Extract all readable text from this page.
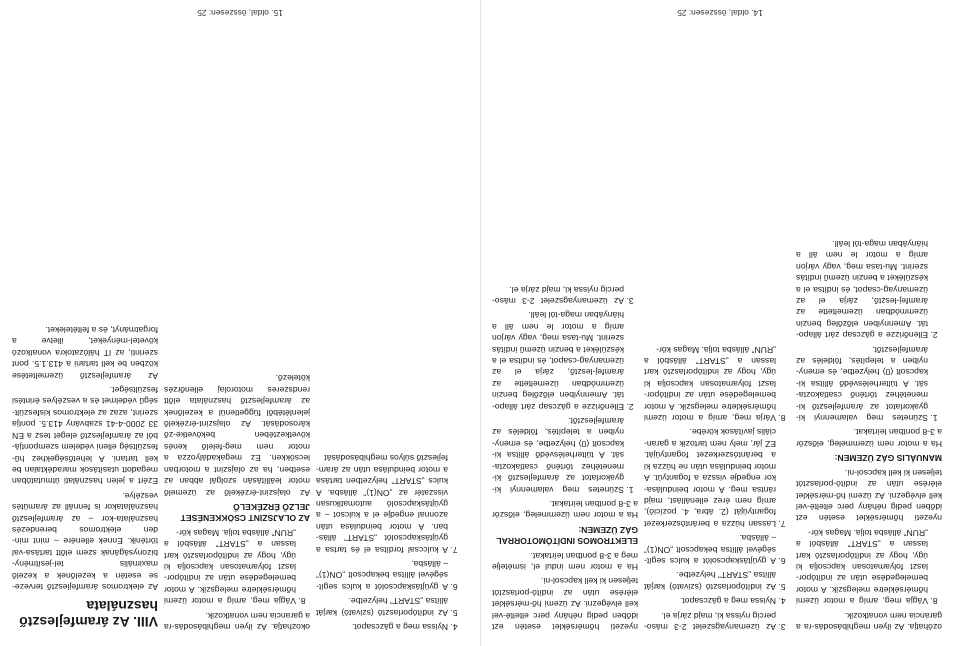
ozóhatja. Az ilyen meghibásodás-ra a garancia nem vonatkozik.

8. Vágja meg, amíg a motor üzemi hőmérsékletre melegszik. A motor bemelegedése után az indítópor-laszt folyamatosan kapcsolja ki úgy, hogy az indítóporlasztó kart lassan a „START” állásból a „RUN” állásba tolja. Magas kör-

nyezeti hőmérséklet esetén ezt időben pedig néhány perc eltelté-vel kell elvégezni. Az üzemi hő-mérséklet elérése után az indító-porlasztót teljesen ki kell kapcsol-ni.

MANUÁLIS GÁZ ÜZEMEN:

Ha a motor nem üzemmeleg, először a 3-8 pontban leírtakat.

1. Szünetes meg valamennyi ki-gyakorlatot az áramfejlesztő ki-menetéhez történő csatlakozta-sát. A túlterhelésvédő állítsa ki-kapcsolt (0) helyzetbe, és emeny-nyiben a telepítés, földelés az áramfejlesztőt.
2. Ellenőrizze a gázcsap zárt állapo-tát. Amennyiben előzőleg benzin üzemmódban üzemeltette az áramfej-lesztő, zárja el az üzemanyag-csapot, és indítsa el a készüléket a benzin üzemű indítás szerint. Mu-tasa meg, vagy várjon amíg a motor le nem áll a hiányában maga-tól leáll.
3. Az üzemanyagszelet 2-3 máso-percig nyissa ki, majd zárja el.
4. Nyissa meg a gázcsapot.
5. Az indítóporlasztó (szivató) karját állítsa „START” helyzetbe.
6. A gyújtáskapcsolót a kulcs segít-ségével állítsa bekapcsolt „ON(1)” – állásba.
7. Lassan húzza a berántószerkezet fogantyúját (2. ábra, 4. pozíció), amíg nem érez ellenállást, majd rántsa meg. A motor beindulása-kor engedje vissza a fogantyút. A motor beindulása után ne húzza ki a berántószerkezet fogantyúját. EZ jár, mely nem tartozik a garan-ciális javítások körébe.
8. Várja meg, amíg a motor üzemi hőmérsékletre melegszik. A motor bemelegedése után az indítópor-laszt folyamatosan kapcsolja ki úgy, hogy az indítóporlasztó kart lassan a „START” állásból a „RUN” állásba tolja. Magas kör-

nyezeti hőmérséklet esetén ezt időben pedig néhány perc eltelté-vel kell elvégezni. Az üzemi hő-mérséklet elérése után az indító-porlasztót teljesen ki kell kapcsol-ni.

Ha a motor nem indul el, ismételje meg a 3-8 pontban leírtakat.

ELEKTROMOS INDÍTÓMOTORRAL GÁZ ÜZEMEN:

Ha a motor nem üzemmeleg, először a 3-8 pontban leírtakat.

1. Szünetes meg valamennyi ki-gyakorlatot az áramfejlesztő ki-menetéhez történő csatlakozta-sát. A túlterhelésvédő állítsa ki-kapcsolt (0) helyzetbe, és emeny-nyiben a telepítés, földelés az áramfejlesztőt.
2. Ellenőrizze a gázcsap zárt állapo-tát. Amennyiben előzőleg benzin üzemmódban üzemeltette az áramfej-lesztő, zárja el az üzemanyag-csapot, és indítsa el a készüléket a benzin üzemű indítás szerint. Mu-tasa meg, vagy várjon amíg a motor le nem áll a hiányában maga-tól leáll.
3. Az üzemanyagszelet 2-3 máso-percig nyissa ki, majd zárja el.
14. oldal, összesen: 25
4. Nyissa meg a gázcsapot.
5. Az indítóporlasztó (szivató) karját állítsa „START” helyzetbe.
6. A gyújtáskapcsolót a kulcs segít-ségével állítsa bekapcsolt „ON(1)” – állásba.
7. A kulccsal fordítsa el és tartsa a gyújtáskapcsolót „START” állás-ban. A motor beindulása után azonnal engedje el a kulcsot – a gyújtáskapcsoló automatikusan visszatér az „ON(1)” állásba. A kulcs „START” helyzetben tartása a motor beindulása után az áram-fejlesztő súlyos meghibásodását

okozhatja. Az ilyen meghibásodás-ra a garancia nem vonatkozik.

8. Vágja meg, amíg a motor üzemi hőmérsékletre melegszik. A motor bemelegedése után az indítópor-laszt folyamatosan kapcsolja ki úgy, hogy az indítóporlasztó kart lassan a „START” állásból a „RUN” állásba tolja. Magas kör-
AZ OLAJSZINT CSÖKKENÉSET JELZŐ ÉRZÉKELŐ

Az olajszint-érzékelő az üzemelő motor leállításán szolgál abban az esetben, ha az olajszint a motorban lecsökken. Ez megakadályozza a motor nem meg-felelő kenés következtében bekövetke-ző károsodását. Az olajszint-érzékelő jelenlétéből függetlenül a kezelőnek az áramfejlesztő használata előtt rendszeres motorolaj ellenőrzés kötelező.

VIII. Az áramfejlesztő használata

Az elektromos áramfejlesztő terveze-se esetén a kezelőnek a kezelő maximális tel-jesítmény-bizonyságának szem előtt tartása-val történik. Ennek ellenére – mint min-den elektromos berendezés használata-kor – az áramfejlesztő használatakor is fennáll az áramütés veszélye.

Ezért a jelen használati útmutatóban megadott utasítások maradéktalan be kell tartani. A lehetőségekhez hű-feszültség elleni védelem szempontjá-ból az áramfejlesztő eleget tesz a EN 33 2000-4-41 szabvány 413.5. pontja szerint, azaz az elektromos kisfeszült-ségű védelmet és a veszélyes érintési feszültséget.

Az áramfejlesztő üzemeltetése közben be kell tartani a 413.1.5. pont szerinti, az IT hálózatokra vonatkozó követel-ményeket, illetve a forgatmányt, és a feltételeket.

15. oldal, összesen: 25
